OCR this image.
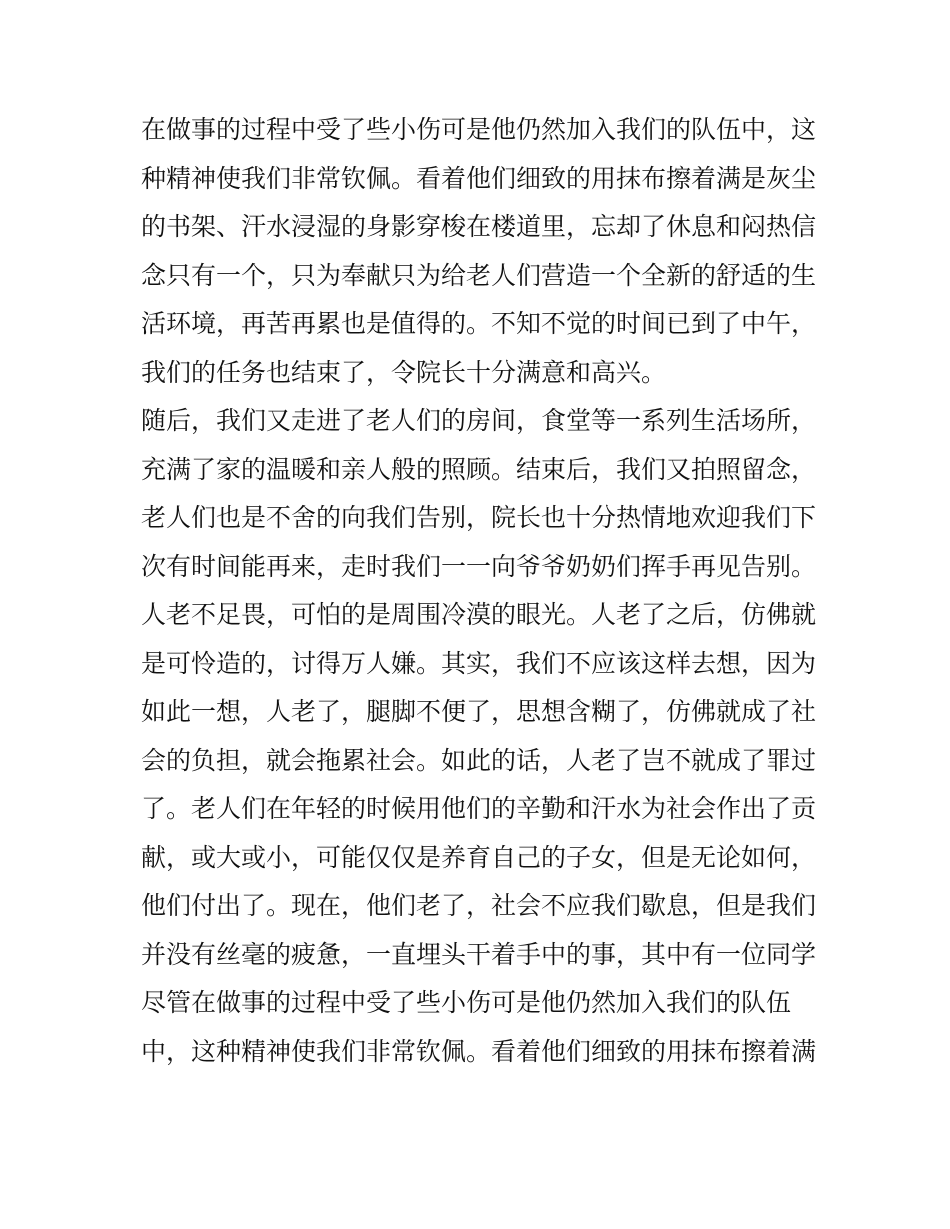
在做事的过程中受了些小伤可是他仍然加入我们的队伍中，这
种精神使我们非常钦佩。看着他们细致的用抹布擦着满是灰尘
的书架、汗水浸湿的身影穿梭在楼道里，忘却了休息和闷热信
念只有一个，只为奉献只为给老人们营造一个全新的舒适的生
活环境，再苦再累也是值得的。不知不觉的时间已到了中午，
我们的任务也结束了，令院长十分满意和高兴。
随后，我们又走进了老人们的房间，食堂等一系列生活场所，
充满了家的温暖和亲人般的照顾。结束后，我们又拍照留念，
老人们也是不舍的向我们告别，院长也十分热情地欢迎我们下
次有时间能再来，走时我们一一向爷爷奶奶们挥手再见告别。
人老不足畏，可怕的是周围冷漠的眼光。人老了之后，仿佛就
是可怜造的，讨得万人嫌。其实，我们不应该这样去想，因为
如此一想，人老了，腿脚不便了，思想含糊了，仿佛就成了社
会的负担，就会拖累社会。如此的话，人老了岂不就成了罪过
了。老人们在年轻的时候用他们的辛勤和汗水为社会作出了贡
献，或大或小，可能仅仅是养育自己的子女，但是无论如何，
他们付出了。现在，他们老了，社会不应我们歇息，但是我们
并没有丝毫的疲惫，一直埋头干着手中的事，其中有一位同学
尽管在做事的过程中受了些小伤可是他仍然加入我们的队伍
中，这种精神使我们非常钦佩。看着他们细致的用抹布擦着满
